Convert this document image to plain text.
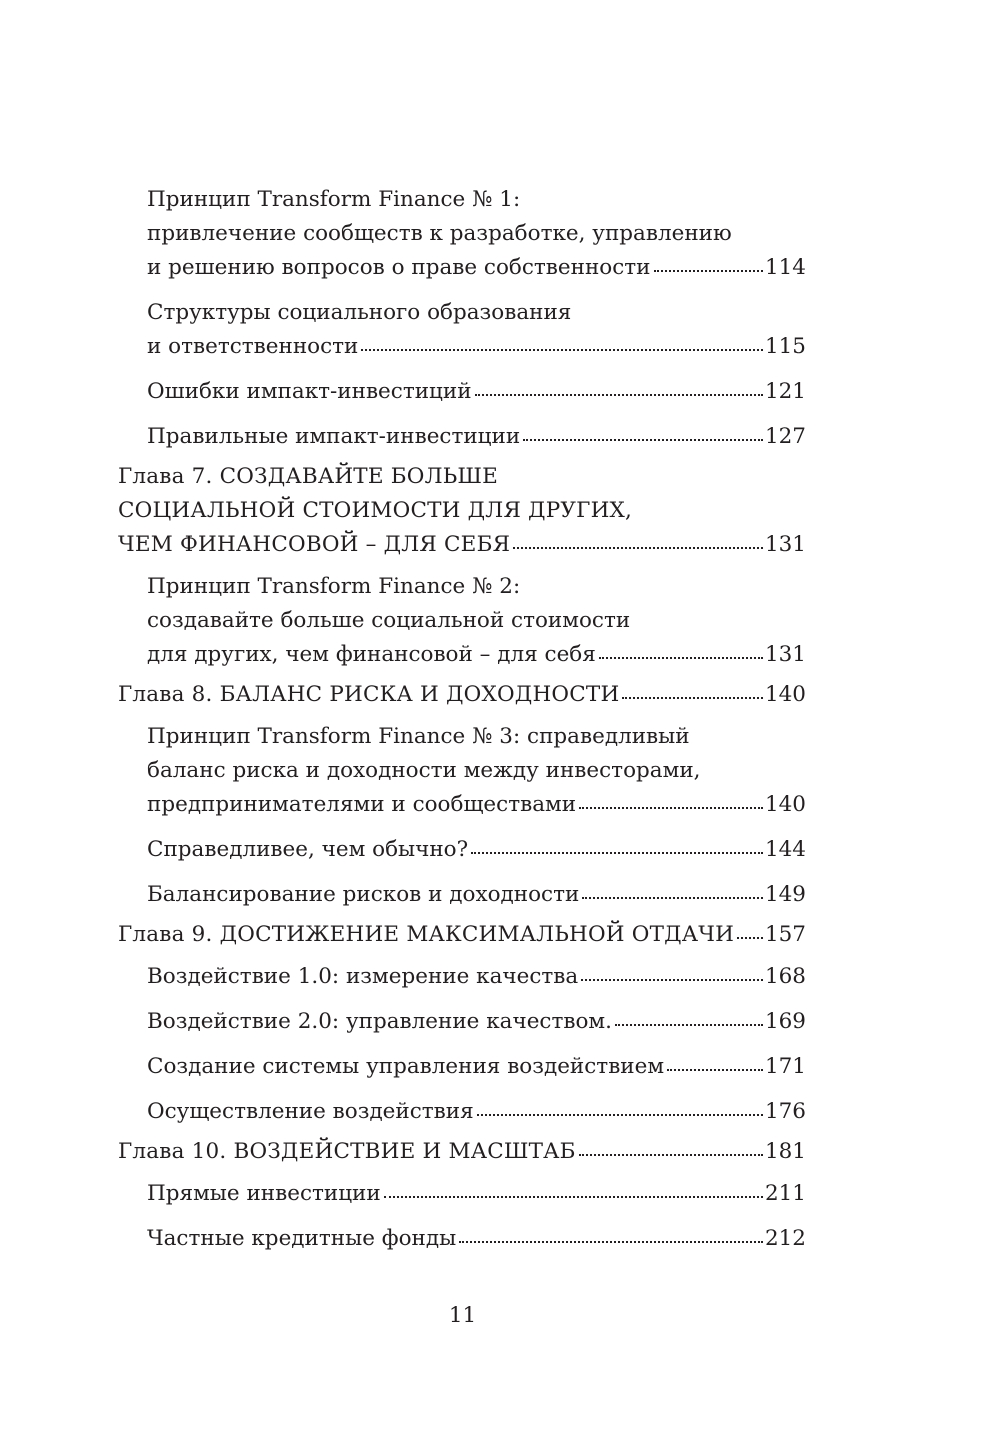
Принцип Transform Finance № 1:
привлечение сообществ к разработке, управлению
и решению вопросов о праве собственности	114
Структуры социального образования
и ответственности	115
Ошибки импакт-инвестиций	121
Правильные импакт-инвестиции	127
Глава 7. СОЗДАВАЙТЕ БОЛЬШЕ
СОЦИАЛЬНОЙ СТОИМОСТИ ДЛЯ ДРУГИХ,
ЧЕМ ФИНАНСОВОЙ – ДЛЯ СЕБЯ	131
Принцип Transform Finance № 2:
создавайте больше социальной стоимости
для других, чем финансовой – для себя	131
Глава 8. БАЛАНС РИСКА И ДОХОДНОСТИ	140
Принцип Transform Finance № 3: справедливый
баланс риска и доходности между инвесторами,
предпринимателями и сообществами	140
Справедливее, чем обычно?	144
Балансирование рисков и доходности	149
Глава 9. ДОСТИЖЕНИЕ МАКСИМАЛЬНОЙ ОТДАЧИ 157
Воздействие 1.0: измерение качества	168
Воздействие 2.0: управление качеством.	169
Создание системы управления воздействием	171
Осуществление воздействия	176
Глава 10. ВОЗДЕЙСТВИЕ И МАСШТАБ	181
Прямые инвестиции	211
Частные кредитные фонды	212
11
